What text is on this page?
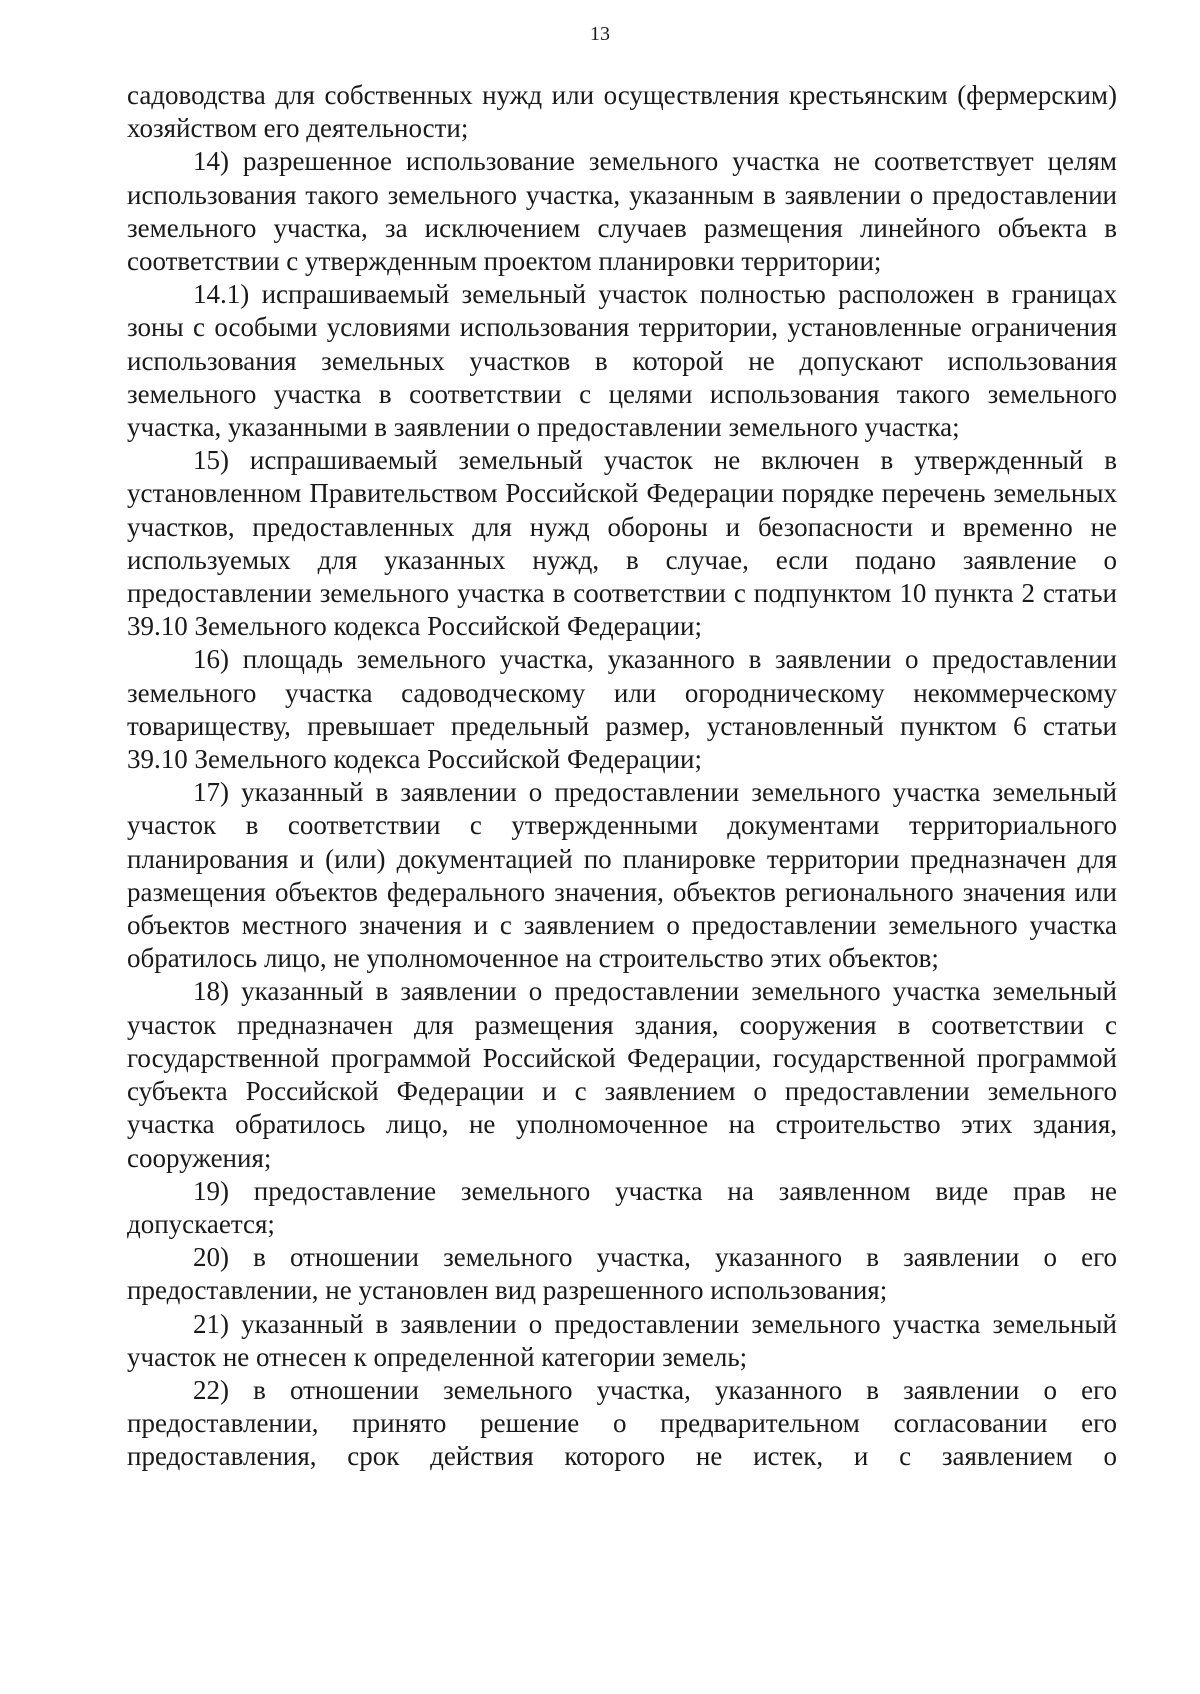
13

садоводства для собственных нужд или осуществления крестьянским (фермерским) хозяйством его деятельности;

14) разрешенное использование земельного участка не соответствует целям использования такого земельного участка, указанным в заявлении о предоставлении земельного участка, за исключением случаев размещения линейного объекта в соответствии с утвержденным проектом планировки территории;

14.1) испрашиваемый земельный участок полностью расположен в границах зоны с особыми условиями использования территории, установленные ограничения использования земельных участков в которой не допускают использования земельного участка в соответствии с целями использования такого земельного участка, указанными в заявлении о предоставлении земельного участка;

15) испрашиваемый земельный участок не включен в утвержденный в установленном Правительством Российской Федерации порядке перечень земельных участков, предоставленных для нужд обороны и безопасности и временно не используемых для указанных нужд, в случае, если подано заявление о предоставлении земельного участка в соответствии с подпунктом 10 пункта 2 статьи 39.10 Земельного кодекса Российской Федерации;

16) площадь земельного участка, указанного в заявлении о предоставлении земельного участка садоводческому или огородническому некоммерческому товариществу, превышает предельный размер, установленный пунктом 6 статьи 39.10 Земельного кодекса Российской Федерации;

17) указанный в заявлении о предоставлении земельного участка земельный участок в соответствии с утвержденными документами территориального планирования и (или) документацией по планировке территории предназначен для размещения объектов федерального значения, объектов регионального значения или объектов местного значения и с заявлением о предоставлении земельного участка обратилось лицо, не уполномоченное на строительство этих объектов;

18) указанный в заявлении о предоставлении земельного участка земельный участок предназначен для размещения здания, сооружения в соответствии с государственной программой Российской Федерации, государственной программой субъекта Российской Федерации и с заявлением о предоставлении земельного участка обратилось лицо, не уполномоченное на строительство этих здания, сооружения;

19) предоставление земельного участка на заявленном виде прав не допускается;

20) в отношении земельного участка, указанного в заявлении о его предоставлении, не установлен вид разрешенного использования;

21) указанный в заявлении о предоставлении земельного участка земельный участок не отнесен к определенной категории земель;

22) в отношении земельного участка, указанного в заявлении о его предоставлении, принято решение о предварительном согласовании его предоставления, срок действия которого не истек, и с заявлением о
